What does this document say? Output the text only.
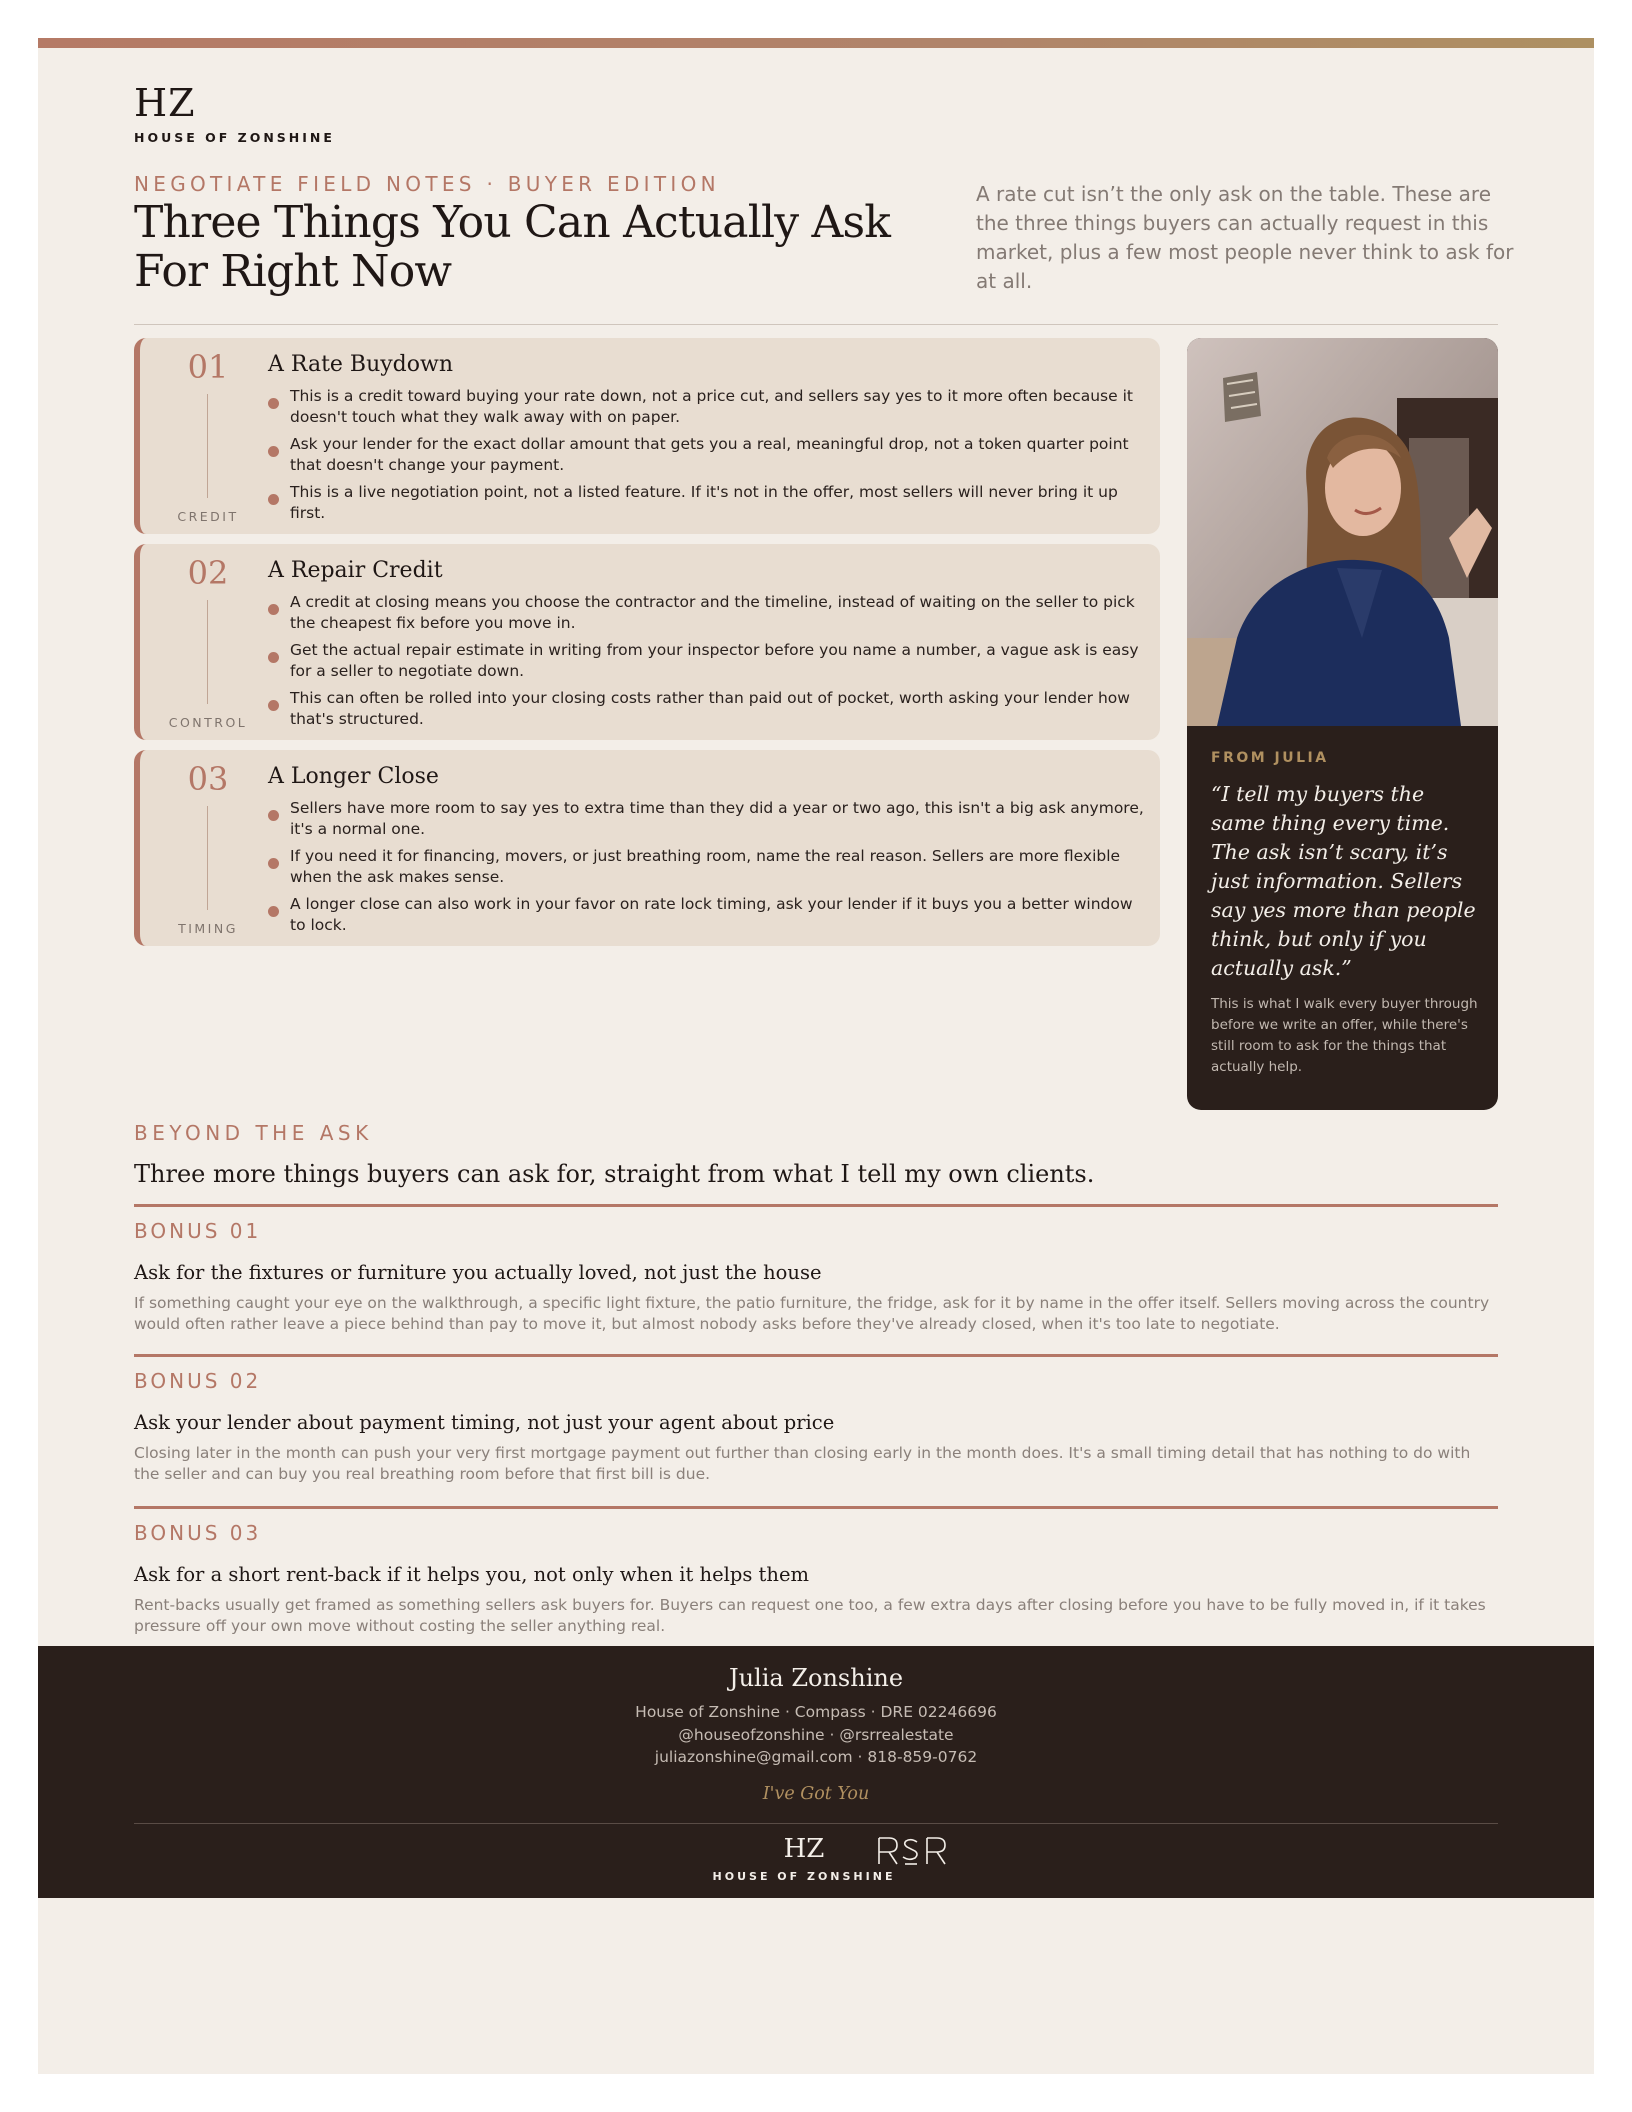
HZ
HOUSE OF ZONSHINE
NEGOTIATE FIELD NOTES · BUYER EDITION
Three Things You Can Actually Ask For Right Now
A rate cut isn’t the only ask on the table. These are the three things buyers can actually request in this market, plus a few most people never think to ask for at all.
01
CREDIT
A Rate Buydown
This is a credit toward buying your rate down, not a price cut, and sellers say yes to it more often because it doesn't touch what they walk away with on paper.
Ask your lender for the exact dollar amount that gets you a real, meaningful drop, not a token quarter point that doesn't change your payment.
This is a live negotiation point, not a listed feature. If it's not in the offer, most sellers will never bring it up first.
02
CONTROL
A Repair Credit
A credit at closing means you choose the contractor and the timeline, instead of waiting on the seller to pick the cheapest fix before you move in.
Get the actual repair estimate in writing from your inspector before you name a number, a vague ask is easy for a seller to negotiate down.
This can often be rolled into your closing costs rather than paid out of pocket, worth asking your lender how that's structured.
03
TIMING
A Longer Close
Sellers have more room to say yes to extra time than they did a year or two ago, this isn't a big ask anymore, it's a normal one.
If you need it for financing, movers, or just breathing room, name the real reason. Sellers are more flexible when the ask makes sense.
A longer close can also work in your favor on rate lock timing, ask your lender if it buys you a better window to lock.
FROM JULIA
“I tell my buyers the same thing every time. The ask isn’t scary, it’s just information. Sellers say yes more than people think, but only if you actually ask.”
This is what I walk every buyer through before we write an offer, while there's still room to ask for the things that actually help.
BEYOND THE ASK
Three more things buyers can ask for, straight from what I tell my own clients.
BONUS 01
Ask for the fixtures or furniture you actually loved, not just the house
If something caught your eye on the walkthrough, a specific light fixture, the patio furniture, the fridge, ask for it by name in the offer itself. Sellers moving across the country would often rather leave a piece behind than pay to move it, but almost nobody asks before they've already closed, when it's too late to negotiate.
BONUS 02
Ask your lender about payment timing, not just your agent about price
Closing later in the month can push your very first mortgage payment out further than closing early in the month does. It's a small timing detail that has nothing to do with the seller and can buy you real breathing room before that first bill is due.
BONUS 03
Ask for a short rent-back if it helps you, not only when it helps them
Rent-backs usually get framed as something sellers ask buyers for. Buyers can request one too, a few extra days after closing before you have to be fully moved in, if it takes pressure off your own move without costing the seller anything real.
Julia Zonshine
House of Zonshine · Compass · DRE 02246696
@houseofzonshine · @rsrrealestate
juliazonshine@gmail.com · 818-859-0762
I've Got You
HZ
HOUSE OF ZONSHINE
